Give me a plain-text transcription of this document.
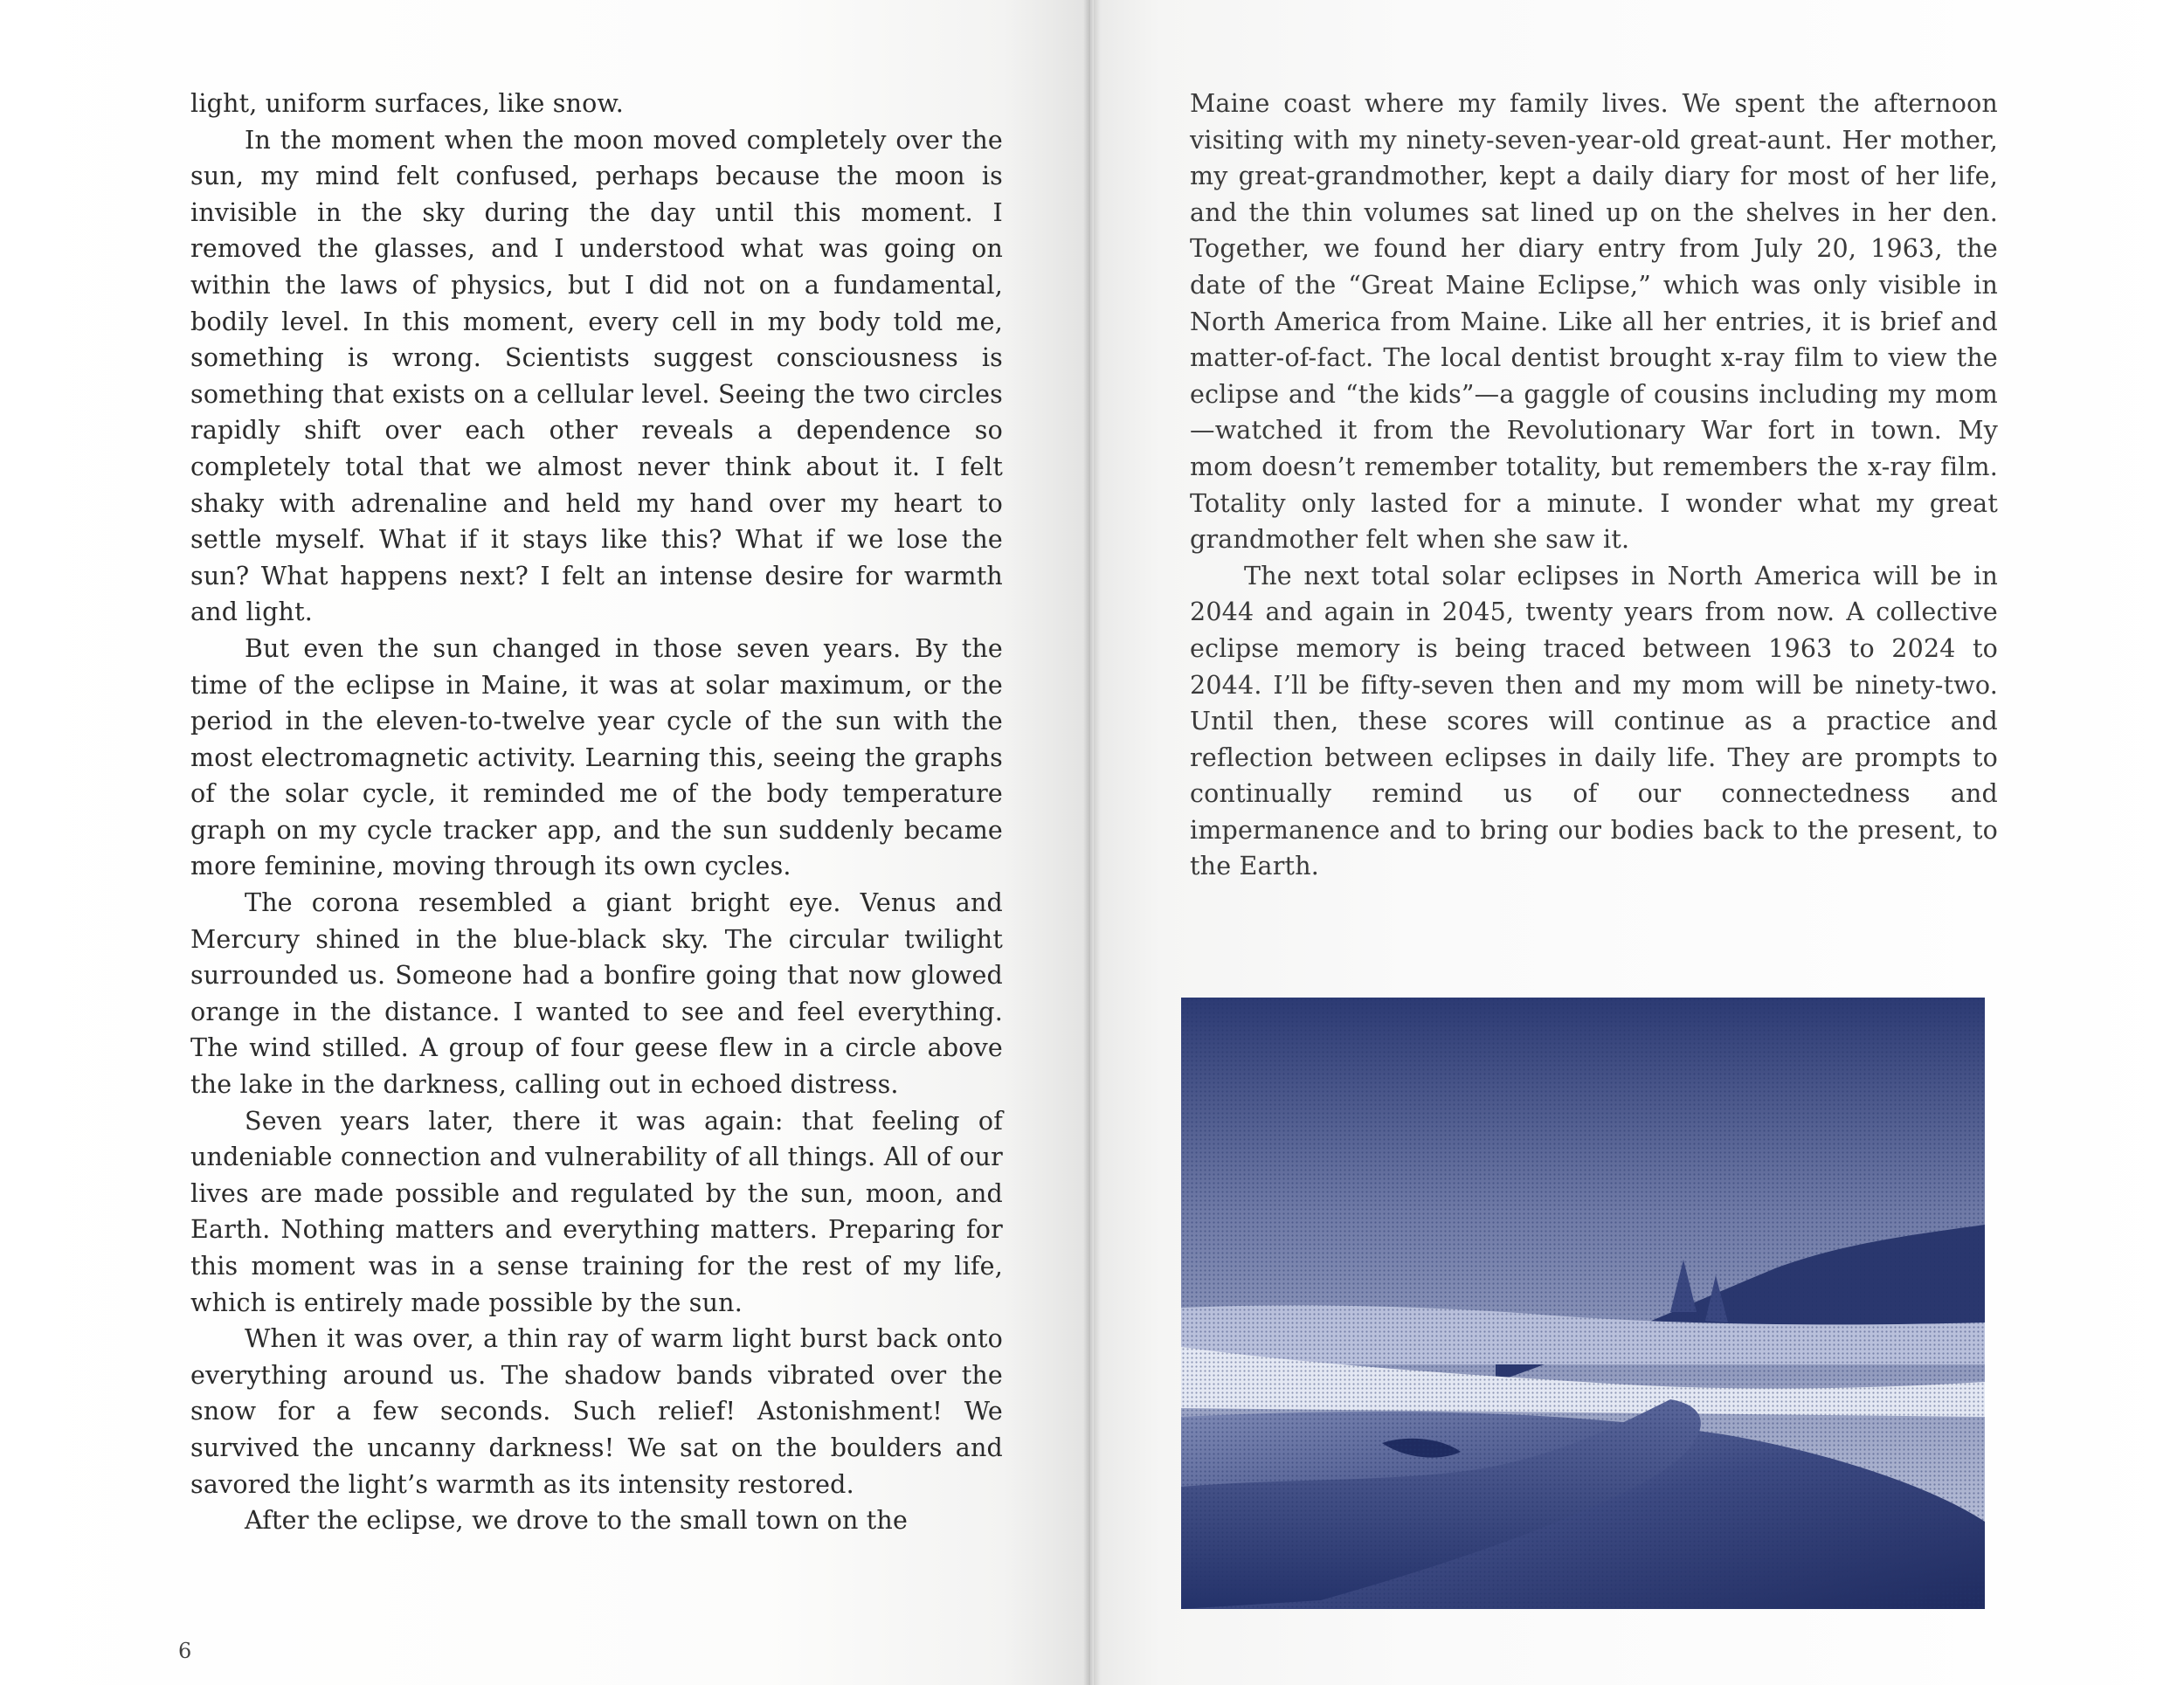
light, uniform surfaces, like snow.

In the moment when the moon moved completely over the sun, my mind felt confused, perhaps because the moon is invisible in the sky during the day until this moment. I removed the glasses, and I understood what was going on within the laws of physics, but I did not on a fundamental, bodily level. In this moment, every cell in my body told me, something is wrong. Scientists suggest consciousness is something that exists on a cellular level. Seeing the two circles rapidly shift over each other reveals a dependence so completely total that we almost never think about it. I felt shaky with adrenaline and held my hand over my heart to settle myself. What if it stays like this? What if we lose the sun? What happens next? I felt an intense desire for warmth and light.

But even the sun changed in those seven years. By the time of the eclipse in Maine, it was at solar maximum, or the period in the eleven-to-twelve year cycle of the sun with the most electromagnetic activity. Learning this, seeing the graphs of the solar cycle, it reminded me of the body temperature graph on my cycle tracker app, and the sun suddenly became more feminine, moving through its own cycles.

The corona resembled a giant bright eye. Venus and Mercury shined in the blue-black sky. The circular twilight surrounded us. Someone had a bonfire going that now glowed orange in the distance. I wanted to see and feel everything. The wind stilled. A group of four geese flew in a circle above the lake in the darkness, calling out in echoed distress.

Seven years later, there it was again: that feeling of undeniable connection and vulnerability of all things. All of our lives are made possible and regulated by the sun, moon, and Earth. Nothing matters and everything matters. Preparing for this moment was in a sense training for the rest of my life, which is entirely made possible by the sun.

When it was over, a thin ray of warm light burst back onto everything around us. The shadow bands vibrated over the snow for a few seconds. Such relief! Astonishment! We survived the uncanny darkness! We sat on the boulders and savored the light’s warmth as its intensity restored.

After the eclipse, we drove to the small town on the

6

Maine coast where my family lives. We spent the afternoon visiting with my ninety-seven-year-old great-aunt. Her mother, my great-grandmother, kept a daily diary for most of her life, and the thin volumes sat lined up on the shelves in her den. Together, we found her diary entry from July 20, 1963, the date of the “Great Maine Eclipse,” which was only visible in North America from Maine. Like all her entries, it is brief and matter-of-fact. The local dentist brought x-ray film to view the eclipse and “the kids”—a gaggle of cousins including my mom—watched it from the Revolutionary War fort in town. My mom doesn’t remember totality, but remembers the x-ray film. Totality only lasted for a minute. I wonder what my great grandmother felt when she saw it.

The next total solar eclipses in North America will be in 2044 and again in 2045, twenty years from now. A collective eclipse memory is being traced between 1963 to 2024 to 2044. I’ll be fifty-seven then and my mom will be ninety-two. Until then, these scores will continue as a practice and reflection between eclipses in daily life. They are prompts to continually remind us of our connectedness and impermanence and to bring our bodies back to the present, to the Earth.
